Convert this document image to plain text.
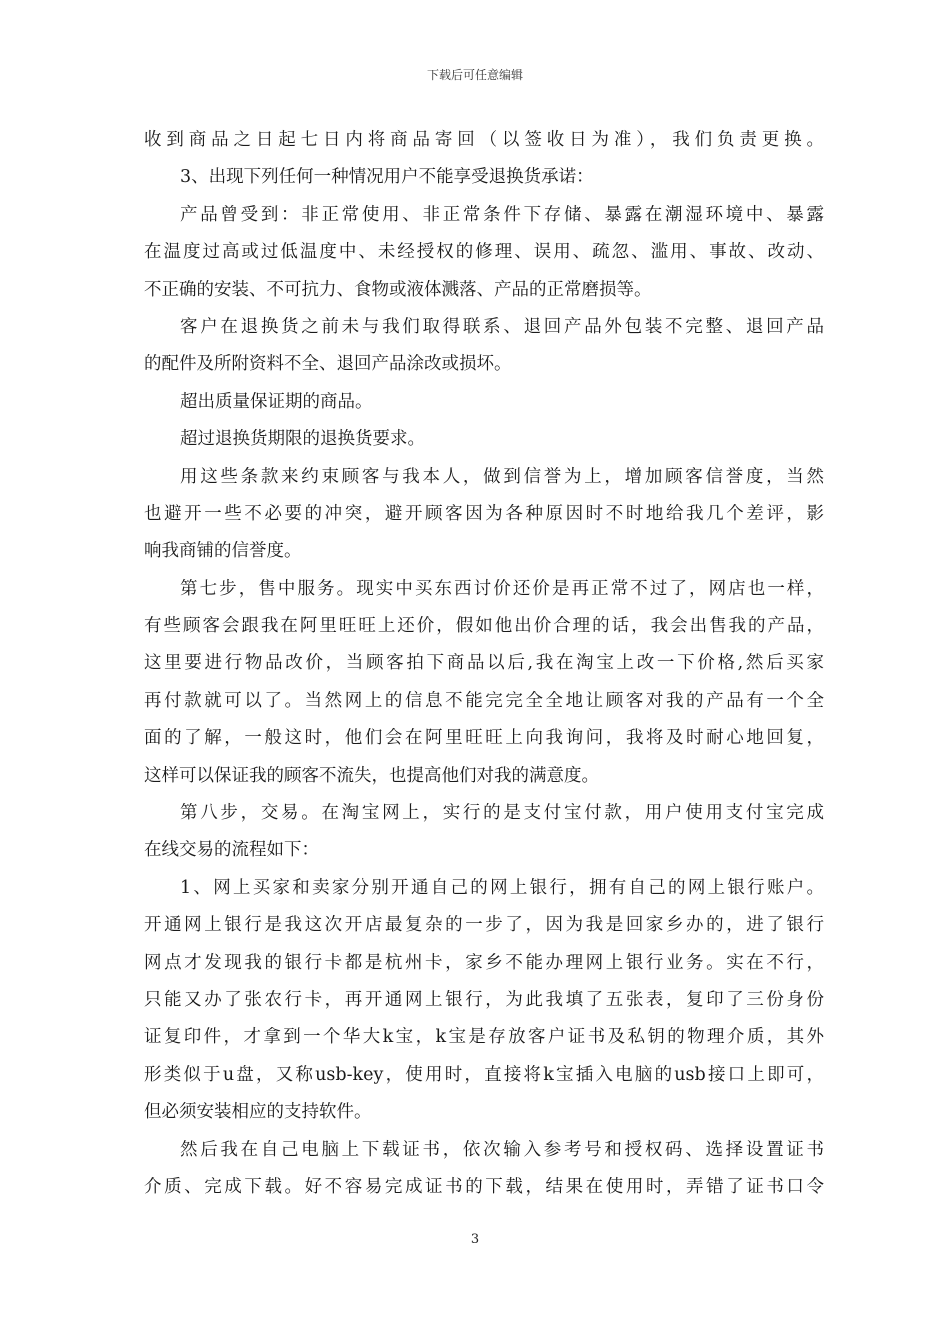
下载后可任意编辑
收到商品之日起七日内将商品寄回（以签收日为准），我们负责更换。
3、出现下列任何一种情况用户不能享受退换货承诺：
产品曾受到：非正常使用、非正常条件下存储、暴露在潮湿环境中、暴露
在温度过高或过低温度中、未经授权的修理、误用、疏忽、滥用、事故、改动、
不正确的安装、不可抗力、食物或液体溅落、产品的正常磨损等。
客户在退换货之前未与我们取得联系、退回产品外包装不完整、退回产品
的配件及所附资料不全、退回产品涂改或损坏。
超出质量保证期的商品。
超过退换货期限的退换货要求。
用这些条款来约束顾客与我本人，做到信誉为上，增加顾客信誉度，当然
也避开一些不必要的冲突，避开顾客因为各种原因时不时地给我几个差评，影
响我商铺的信誉度。
第七步，售中服务。现实中买东西讨价还价是再正常不过了，网店也一样，
有些顾客会跟我在阿里旺旺上还价，假如他出价合理的话，我会出售我的产品，
这里要进行物品改价，当顾客拍下商品以后,我在淘宝上改一下价格,然后买家
再付款就可以了。当然网上的信息不能完完全全地让顾客对我的产品有一个全
面的了解，一般这时，他们会在阿里旺旺上向我询问，我将及时耐心地回复，
这样可以保证我的顾客不流失，也提高他们对我的满意度。
第八步，交易。在淘宝网上，实行的是支付宝付款，用户使用支付宝完成
在线交易的流程如下：
1、网上买家和卖家分别开通自己的网上银行，拥有自己的网上银行账户。
开通网上银行是我这次开店最复杂的一步了，因为我是回家乡办的，进了银行
网点才发现我的银行卡都是杭州卡，家乡不能办理网上银行业务。实在不行，
只能又办了张农行卡，再开通网上银行，为此我填了五张表，复印了三份身份
证复印件，才拿到一个华大k宝，k宝是存放客户证书及私钥的物理介质，其外
形类似于u盘，又称usb-key，使用时，直接将k宝插入电脑的usb接口上即可，
但必须安装相应的支持软件。
然后我在自己电脑上下载证书，依次输入参考号和授权码、选择设置证书
介质、完成下载。好不容易完成证书的下载，结果在使用时，弄错了证书口令
3
